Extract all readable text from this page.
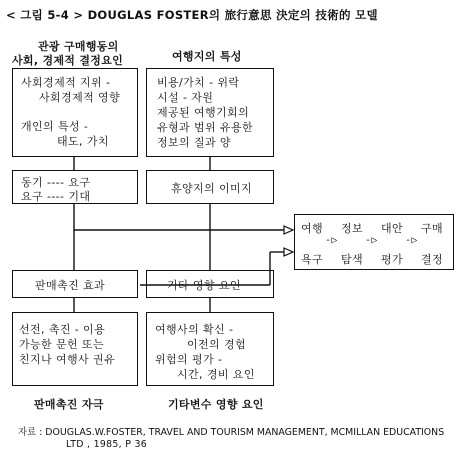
< 그림 5-4 > DOUGLAS FOSTER의 旅行意思 決定의 技術的 모델
관광 구매행동의
사회, 경제적 결정요인	여행지의 특성
사회경제적 지위 -
사회경제적 영향
개인의 특성 -
태도, 가치
비용/가치 - 위락
시설 - 자원
제공된 여행기회의
유형과 범위 유용한
정보의 질과 양
동기 ---- 요구
요구 ---- 기대
휴양지의 이미지
여행 정보 대안 구매
-▷	-▷	-▷
욕구 탐색 평가 결정
판매촉진 효과	기타 영향 요인
선전, 촉진 - 이용
가능한 문헌 또는
친지나 여행사 권유
여행사의 확신 -
이전의 경험
위험의 평가 -
시간, 경비 요인
판매촉진 자극	기타변수 영향 요인
자료 : DOUGLAS.W.FOSTER, TRAVEL AND TOURISM MANAGEMENT, MCMILLAN EDUCATIONS
LTD , 1985, P 36
